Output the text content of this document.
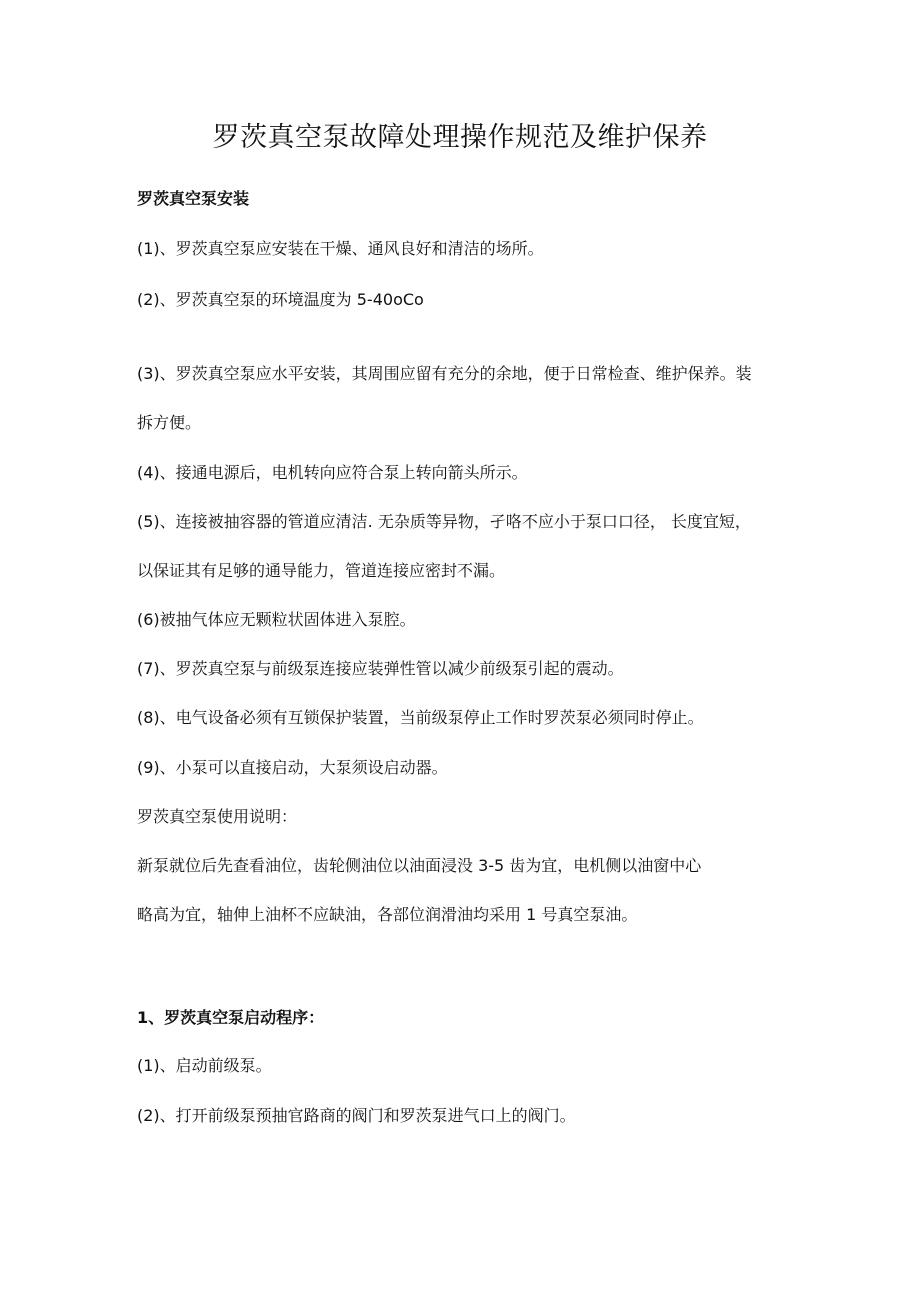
罗茨真空泵故障处理操作规范及维护保养

罗茨真空泵安装

(1)、罗茨真空泵应安装在干燥、通风良好和清洁的场所。

(2)、罗茨真空泵的环境温度为 5-40oCo

(3)、罗茨真空泵应水平安装，其周围应留有充分的余地，便于日常检查、维护保养。装

拆方便。

(4)、接通电源后，电机转向应符合泵上转向箭头所示。

(5)、连接被抽容器的管道应清洁. 无杂质等异物，孑咯不应小于泵口口径， 长度宜短，

以保证其有足够的通导能力，管道连接应密封不漏。

(6)被抽气体应无颗粒状固体进入泵腔。

(7)、罗茨真空泵与前级泵连接应装弹性管以减少前级泵引起的震动。

(8)、电气设备必须有互锁保护装置，当前级泵停止工作时罗茨泵必须同时停止。

(9)、小泵可以直接启动，大泵须设启动器。

罗茨真空泵使用说明：

新泵就位后先查看油位，齿轮侧油位以油面浸没 3-5 齿为宜，电机侧以油窗中心

略高为宜，轴伸上油杯不应缺油，各部位润滑油均采用 1 号真空泵油。

1、罗茨真空泵启动程序：

(1)、启动前级泵。

(2)、打开前级泵预抽官路商的阀门和罗茨泵进气口上的阀门。
